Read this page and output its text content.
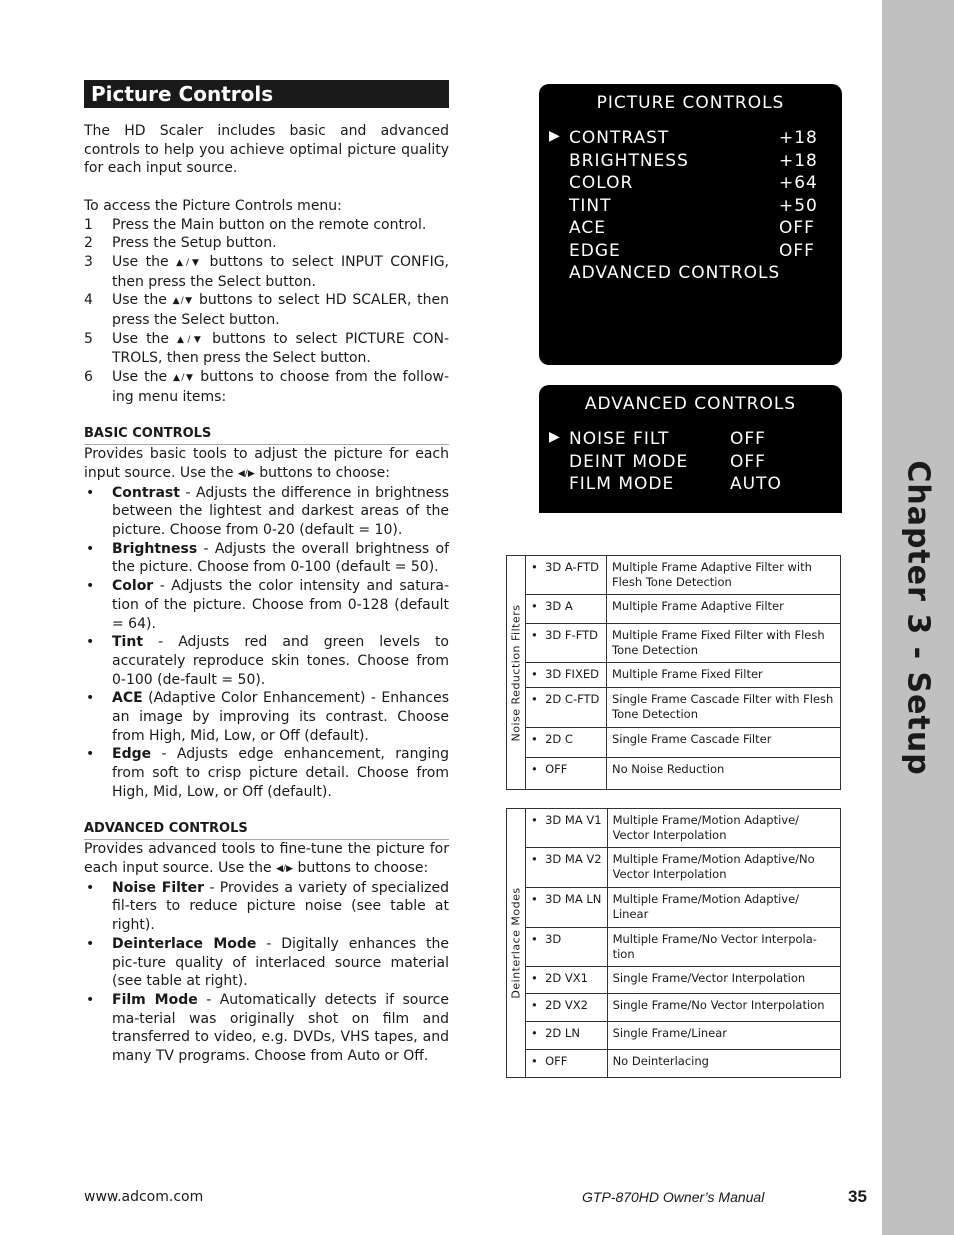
Chapter 3 - Setup
Picture Controls

The HD Scaler includes basic and advanced controls to help you achieve optimal picture quality for each input source.

To access the Picture Controls menu:

1	Press the Main button on the remote control.
2	Press the Setup button.
3	Use the ▲/▼ buttons to select INPUT CONFIG, then press the Select button.
4	Use the ▲/▼ buttons to select HD SCALER, then press the Select button.
5	Use the ▲/▼ buttons to select PICTURE CON-TROLS, then press the Select button.
6	Use the ▲/▼ buttons to choose from the follow-ing menu items:

BASIC CONTROLS

Provides basic tools to adjust the picture for each input source. Use the ◀/▶ buttons to choose:

•	Contrast - Adjusts the difference in brightness between the lightest and darkest areas of the picture. Choose from 0-20 (default = 10).
•	Brightness - Adjusts the overall brightness of the picture. Choose from 0-100 (default = 50).
•	Color - Adjusts the color intensity and satura-tion of the picture. Choose from 0-128 (default = 64).
•	Tint - Adjusts red and green levels to accurately reproduce skin tones. Choose from 0-100 (de-fault = 50).
•	ACE (Adaptive Color Enhancement) - Enhances an image by improving its contrast. Choose from High, Mid, Low, or Off (default).
•	Edge - Adjusts edge enhancement, ranging from soft to crisp picture detail. Choose from High, Mid, Low, or Off (default).

ADVANCED CONTROLS

Provides advanced tools to fine-tune the picture for each input source. Use the ◀/▶ buttons to choose:

•	Noise Filter - Provides a variety of specialized fil-ters to reduce picture noise (see table at right).
•	Deinterlace Mode - Digitally enhances the pic-ture quality of interlaced source material (see table at right).
•	Film Mode - Automatically detects if source ma-terial was originally shot on film and transferred to video, e.g. DVDs, VHS tapes, and many TV programs. Choose from Auto or Off.
PICTURE CONTROLS
▶ CONTRAST	+18
BRIGHTNESS	+18
COLOR	+64
TINT	+50
ACE	OFF
EDGE	OFF
ADVANCED CONTROLS
ADVANCED CONTROLS
▶ NOISE FILT	OFF
DEINT MODE OFF
FILM MODE	AUTO
Noise Reduction Filters	•  3D A-FTD	Multiple Frame Adaptive Filter with Flesh Tone Detection
	•  3D A	Multiple Frame Adaptive Filter
	•  3D F-FTD	Multiple Frame Fixed Filter with Flesh Tone Detection
	•  3D FIXED	Multiple Frame Fixed Filter
	•  2D C-FTD	Single Frame Cascade Filter with Flesh Tone Detection
	•  2D C	Single Frame Cascade Filter
	•  OFF	No Noise Reduction
Deinterlace Modes	•  3D MA V1	Multiple Frame/Motion Adaptive/ Vector Interpolation
	•  3D MA V2	Multiple Frame/Motion Adaptive/No Vector Interpolation
	•  3D MA LN	Multiple Frame/Motion Adaptive/ Linear
	•  3D	Multiple Frame/No Vector Interpola-tion
	•  2D VX1	Single Frame/Vector Interpolation
	•  2D VX2	Single Frame/No Vector Interpolation
	•  2D LN	Single Frame/Linear
	•  OFF	No Deinterlacing
www.adcom.com	GTP-870HD Owner’s Manual	35
